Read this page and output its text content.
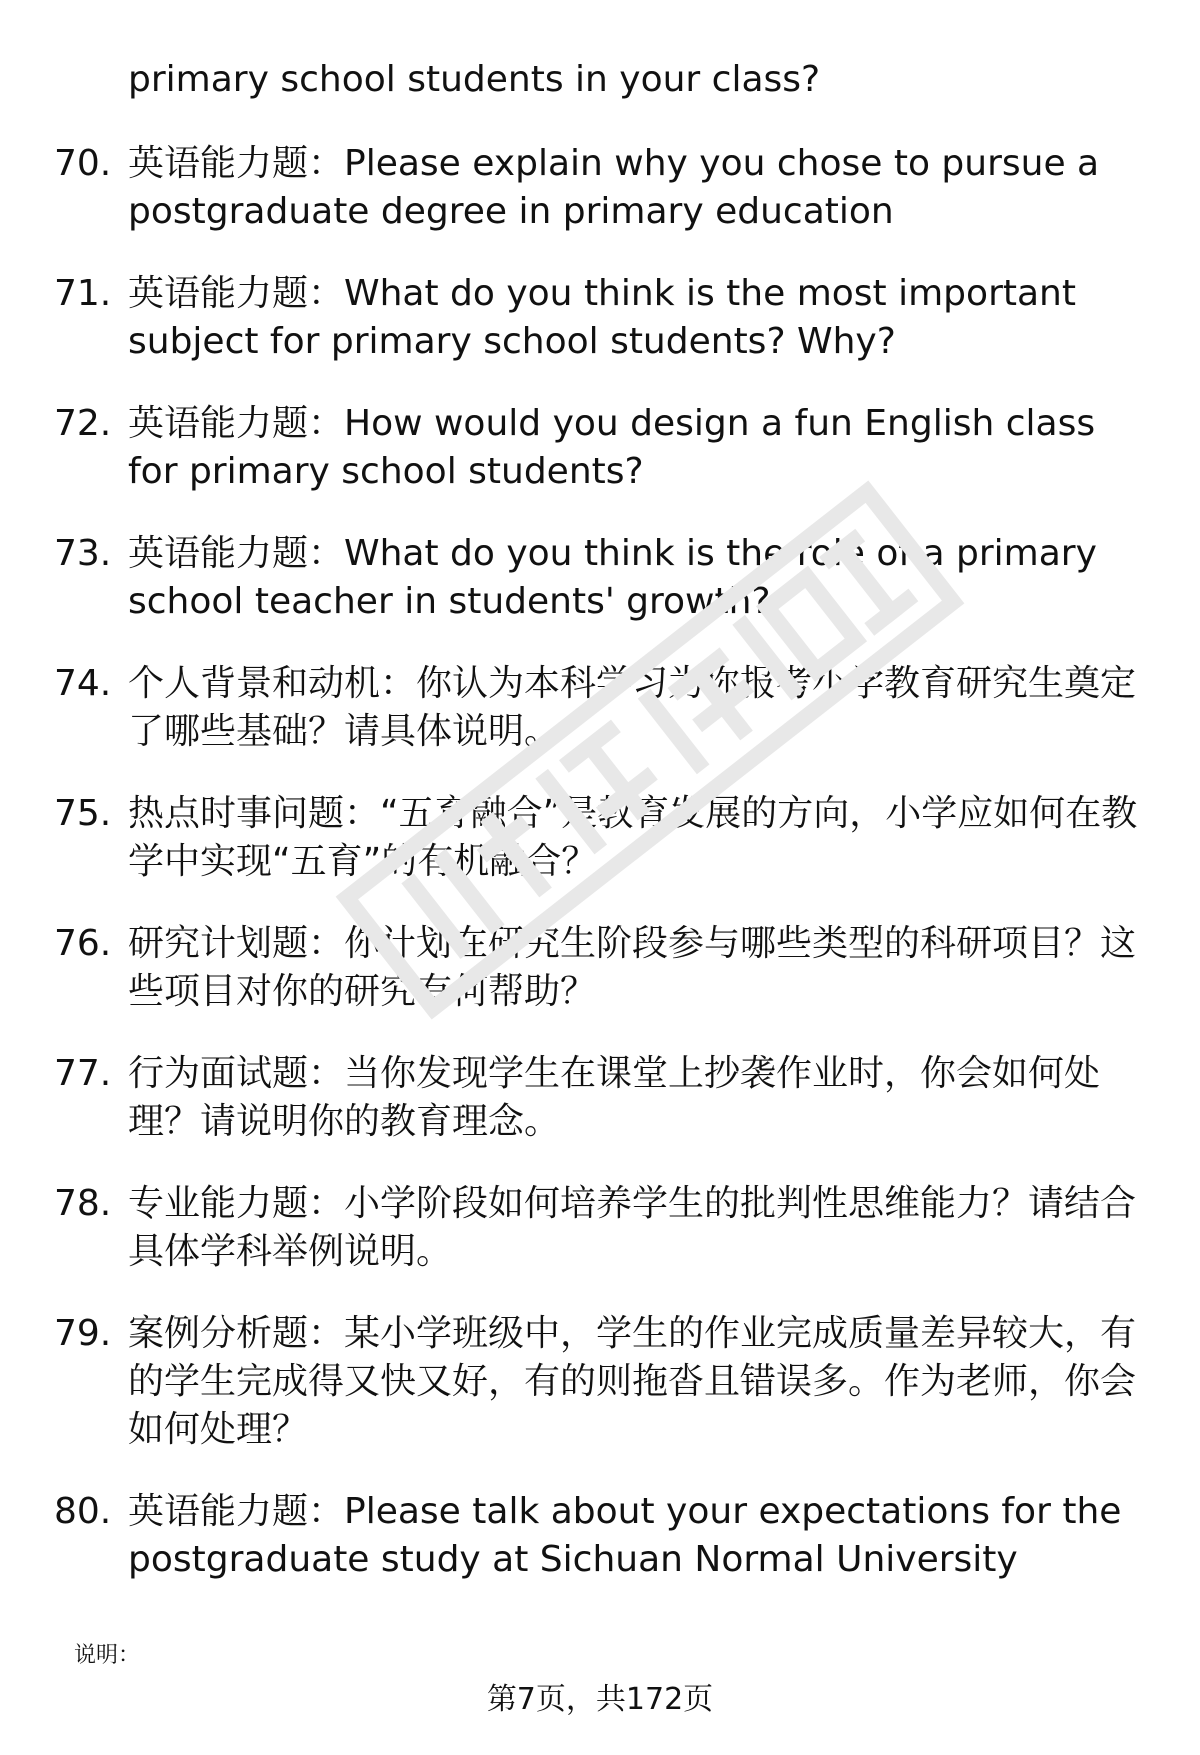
primary school students in your class?
70. 英语能力题：Please explain why you chose to pursue a postgraduate degree in primary education
71. 英语能力题：What do you think is the most important subject for primary school students? Why?
72. 英语能力题：How would you design a fun English class for primary school students?
73. 英语能力题：What do you think is the role of a primary school teacher in students' growth?
74. 个人背景和动机：你认为本科学习为你报考小学教育研究生奠定了哪些基础？请具体说明。
75. 热点时事问题：“五育融合”是教育发展的方向，小学应如何在教学中实现“五育”的有机融合？
76. 研究计划题：你计划在研究生阶段参与哪些类型的科研项目？这些项目对你的研究有何帮助？
77. 行为面试题：当你发现学生在课堂上抄袭作业时，你会如何处理？请说明你的教育理念。
78. 专业能力题：小学阶段如何培养学生的批判性思维能力？请结合具体学科举例说明。
79. 案例分析题：某小学班级中，学生的作业完成质量差异较大，有的学生完成得又快又好，有的则拖沓且错误多。作为老师，你会如何处理？
80. 英语能力题：Please talk about your expectations for the postgraduate study at Sichuan Normal University
说明：
第7页，共172页
